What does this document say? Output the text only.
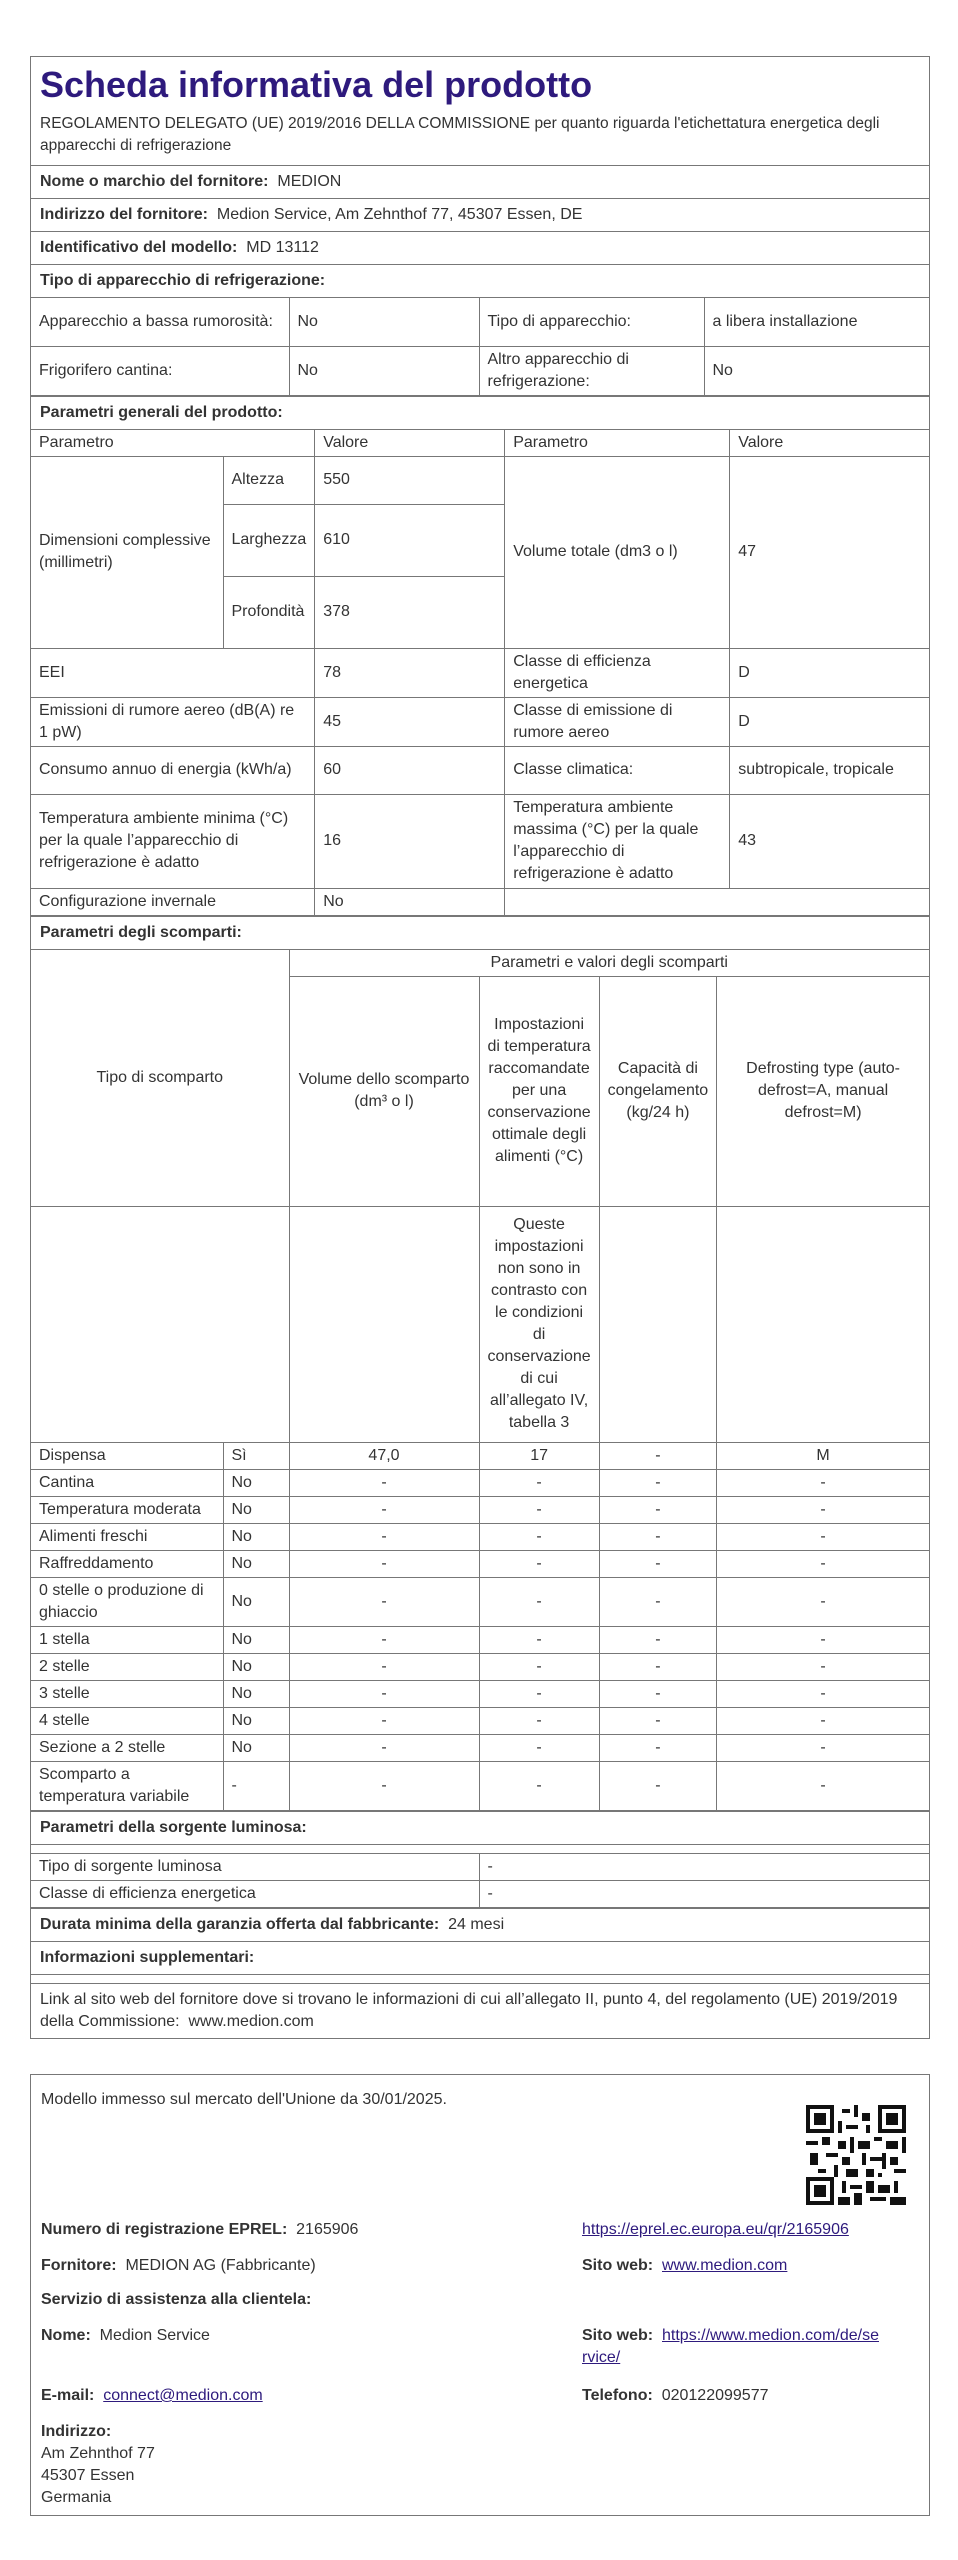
Scheda informativa del prodotto
REGOLAMENTO DELEGATO (UE) 2019/2016 DELLA COMMISSIONE per quanto riguarda l'etichettatura energetica degli apparecchi di refrigerazione
Nome o marchio del fornitore: MEDION
Indirizzo del fornitore: Medion Service, Am Zehnthof 77, 45307 Essen, DE
Identificativo del modello: MD 13112
Tipo di apparecchio di refrigerazione:
Apparecchio a bassa rumorosità:	No	Tipo di apparecchio:	a libera installazione
Frigorifero cantina:	No	Altro apparecchio di refrigerazione:	No
Parametri generali del prodotto:
Parametro		Valore	Parametro	Valore
Dimensioni complessive (millimetri)	Altezza	550	Volume totale (dm3 o l)	47
	Larghezza	610		
	Profondità	378		
EEI		78	Classe di efficienza energetica	D
Emissioni di rumore aereo (dB(A) re 1 pW)		45	Classe di emissione di rumore aereo	D
Consumo annuo di energia (kWh/a)		60	Classe climatica:	subtropicale, tropicale
Temperatura ambiente minima (°C) per la quale l’apparecchio di refrigerazione è adatto		16	Temperatura ambiente massima (°C) per la quale l’apparecchio di refrigerazione è adatto	43
Configurazione invernale		No		
Parametri degli scomparti:
Tipo di scomparto		Parametri e valori degli scomparti			
		Volume dello scomparto (dm³ o l)	Impostazioni di temperatura raccomandate per una conservazione ottimale degli alimenti (°C)	Capacità di congelamento (kg/24 h)	Defrosting type (auto-defrost=A, manual defrost=M)
			Queste impostazioni non sono in contrasto con le condizioni di conservazione di cui all’allegato IV, tabella 3		
Dispensa	Sì	47,0	17	-	M
Cantina	No	-	-	-	-
Temperatura moderata	No	-	-	-	-
Alimenti freschi	No	-	-	-	-
Raffreddamento	No	-	-	-	-
0 stelle o produzione di ghiaccio	No	-	-	-	-
1 stella	No	-	-	-	-
2 stelle	No	-	-	-	-
3 stelle	No	-	-	-	-
4 stelle	No	-	-	-	-
Sezione a 2 stelle	No	-	-	-	-
Scomparto a temperatura variabile	-	-	-	-	-
Parametri della sorgente luminosa:
Tipo di sorgente luminosa	-
Classe di efficienza energetica	-
Durata minima della garanzia offerta dal fabbricante: 24 mesi
Informazioni supplementari:
Link al sito web del fornitore dove si trovano le informazioni di cui all’allegato II, punto 4, del regolamento (UE) 2019/2019 della Commissione: www.medion.com
Modello immesso sul mercato dell'Unione da 30/01/2025.
Numero di registrazione EPREL: 2165906	https://eprel.ec.europa.eu/qr/2165906
Fornitore: MEDION AG (Fabbricante)	Sito web: www.medion.com
Servizio di assistenza alla clientela:
Nome: Medion Service	Sito web: https://www.medion.com/de/se
rvice/
E-mail: connect@medion.com	Telefono: 020122099577
Indirizzo:
Am Zehnthof 77
45307 Essen
Germania
